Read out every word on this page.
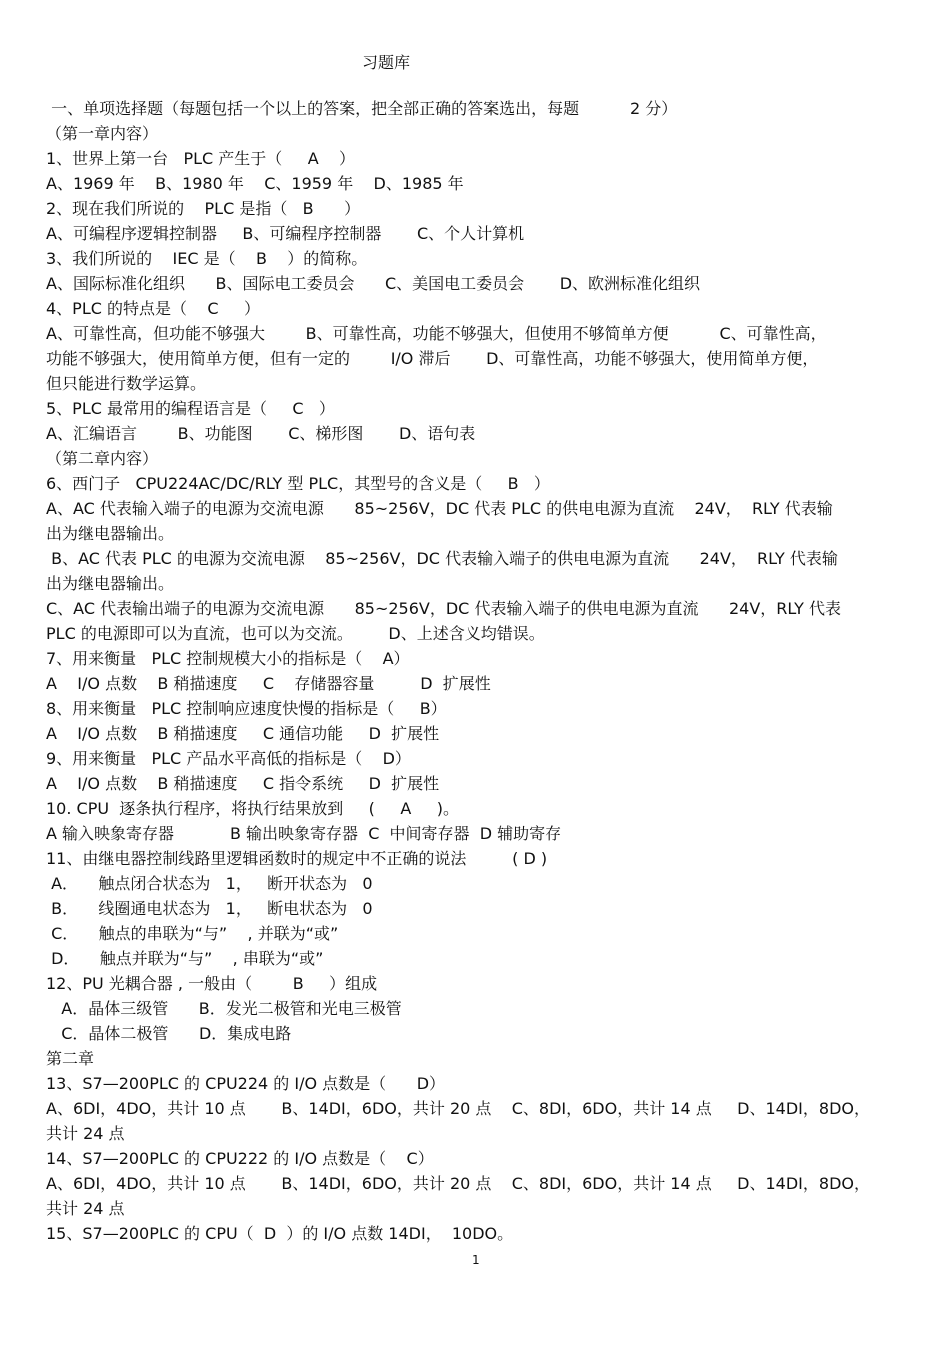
习题库
一、单项选择题（每题包括一个以上的答案，把全部正确的答案选出，每题          2 分）
（第一章内容）
1、世界上第一台   PLC 产生于（     A    ）
A、1969 年    B、1980 年    C、1959 年    D、1985 年
2、现在我们所说的    PLC 是指（   B      ）
A、可编程序逻辑控制器     B、可编程序控制器       C、个人计算机
3、我们所说的    IEC 是（    B    ）的简称。
A、国际标准化组织      B、国际电工委员会      C、美国电工委员会       D、欧洲标准化组织
4、PLC 的特点是（    C     ）
A、可靠性高，但功能不够强大        B、可靠性高，功能不够强大，但使用不够简单方便          C、可靠性高，
功能不够强大，使用简单方便，但有一定的        I/O 滞后       D、可靠性高，功能不够强大，使用简单方便，
但只能进行数学运算。
5、PLC 最常用的编程语言是（     C   ）
A、汇编语言        B、功能图       C、梯形图       D、语句表
（第二章内容）
6、西门子   CPU224AC/DC/RLY 型 PLC，其型号的含义是（     B   ）
A、AC 代表输入端子的电源为交流电源      85~256V，DC 代表 PLC 的供电电源为直流    24V，  RLY 代表输
出为继电器输出。
B、AC 代表 PLC 的电源为交流电源    85~256V，DC 代表输入端子的供电电源为直流      24V，  RLY 代表输
出为继电器输出。
C、AC 代表输出端子的电源为交流电源      85~256V，DC 代表输入端子的供电电源为直流      24V，RLY 代表
PLC 的电源即可以为直流，也可以为交流。       D、上述含义均错误。
7、用来衡量   PLC 控制规模大小的指标是（    A）
A    I/O 点数    B 稍描速度     C    存储器容量         D  扩展性
8、用来衡量   PLC 控制响应速度快慢的指标是（     B）
A    I/O 点数    B 稍描速度     C 通信功能     D  扩展性
9、用来衡量   PLC 产品水平高低的指标是（    D）
A    I/O 点数    B 稍描速度     C 指令系统     D  扩展性
10. CPU  逐条执行程序，将执行结果放到     (     A     )。
A 输入映象寄存器           B 输出映象寄存器  C  中间寄存器  D 辅助寄存
11、由继电器控制线路里逻辑函数时的规定中不正确的说法         ( D )
A．    触点闭合状态为   1，   断开状态为   0
B．    线圈通电状态为   1，   断电状态为   0
C．    触点的串联为“与”    , 并联为“或”
D．    触点并联为“与”    , 串联为“或”
12、PU 光耦合器 , 一般由（        B     ）组成
A．晶体三级管      B．发光二极管和光电三极管
C．晶体二极管      D．集成电路
第二章
13、S7—200PLC 的 CPU224 的 I/O 点数是（      D）
A、6DI，4DO，共计 10 点       B、14DI，6DO，共计 20 点    C、8DI，6DO，共计 14 点     D、14DI，8DO，
共计 24 点
14、S7—200PLC 的 CPU222 的 I/O 点数是（    C）
A、6DI，4DO，共计 10 点       B、14DI，6DO，共计 20 点    C、8DI，6DO，共计 14 点     D、14DI，8DO，
共计 24 点
15、S7—200PLC 的 CPU（  D  ）的 I/O 点数 14DI，  10DO。
1
